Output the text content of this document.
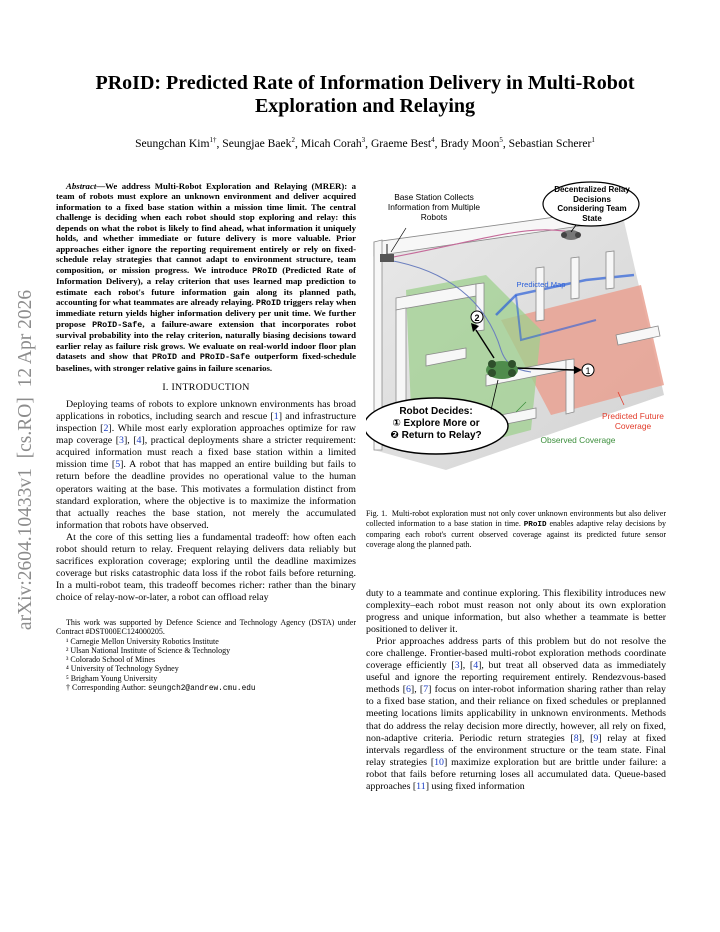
arXiv:2604.10433v1  [cs.RO]  12 Apr 2026
PRoID: Predicted Rate of Information Delivery in Multi-Robot Exploration and Relaying
Seungchan Kim$^{1\dagger}$, Seungjae Baek$^2$, Micah Corah$^3$, Graeme Best$^4$, Brady Moon$^5$, Sebastian Scherer$^1$
Abstract—We address Multi-Robot Exploration and Relaying (MRER): a team of robots must explore an unknown environment and deliver acquired information to a fixed base station within a mission time limit. The central challenge is deciding when each robot should stop exploring and relay: this depends on what the robot is likely to find ahead, what information it uniquely holds, and whether immediate or future delivery is more valuable. Prior approaches either ignore the reporting requirement entirely or rely on fixed-schedule relay strategies that cannot adapt to environment structure, team composition, or mission progress. We introduce PRoID (Predicted Rate of Information Delivery), a relay criterion that uses learned map prediction to estimate each robot's future information gain along its planned path, accounting for what teammates are already relaying. PRoID triggers relay when immediate return yields higher information delivery per unit time. We further propose PRoID-Safe, a failure-aware extension that incorporates robot survival probability into the relay criterion, naturally biasing decisions toward earlier relay as failure risk grows. We evaluate on real-world indoor floor plan datasets and show that PRoID and PRoID-Safe outperform fixed-schedule baselines, with stronger relative gains in failure scenarios.
I. INTRODUCTION

Deploying teams of robots to explore unknown environments has broad applications in robotics, including search and rescue [1] and infrastructure inspection [2]. While most early exploration approaches optimize for raw map coverage [3], [4], practical deployments share a stricter requirement: acquired information must reach a fixed base station within a limited mission time [5]. A robot that has mapped an entire building but fails to return before the deadline provides no operational value to the human operators waiting at the base. This motivates a formulation distinct from standard exploration, where the objective is to maximize the information that actually reaches the base station, not merely the accumulated information that robots have observed.

At the core of this setting lies a fundamental tradeoff: how often each robot should return to relay. Frequent relaying delivers data reliably but sacrifices exploration coverage; exploring until the deadline maximizes coverage but risks catastrophic data loss if the robot fails before returning. In a multi-robot team, this tradeoff becomes richer: rather than the binary choice of relay-now-or-later, a robot can offload relay

This work was supported by Defence Science and Technology Agency (DSTA) under Contract #DST000EC124000205.
¹ Carnegie Mellon University Robotics Institute
² Ulsan National Institute of Science & Technology
³ Colorado School of Mines
⁴ University of Technology Sydney
⁵ Brigham Young University
† Corresponding Author: seungch2@andrew.cmu.edu
2
1
Base Station Collects Information from Multiple Robots
Decentralized Relay Decisions Considering Team State
Predicted Map
Predicted Future Coverage
Observed Coverage
Robot Decides:
① Explore More or
❷ Return to Relay?
Fig. 1.  Multi-robot exploration must not only cover unknown environments but also deliver collected information to a base station in time. PRoID enables adaptive relay decisions by comparing each robot's current observed coverage against its predicted future sensor coverage along the planned path.

duty to a teammate and continue exploring. This flexibility introduces new complexity–each robot must reason not only about its own exploration progress and unique information, but also whether a teammate is better positioned to deliver it.

Prior approaches address parts of this problem but do not resolve the core challenge. Frontier-based multi-robot exploration methods coordinate coverage efficiently [3], [4], but treat all observed data as immediately useful and ignore the reporting requirement entirely. Rendezvous-based methods [6], [7] focus on inter-robot information sharing rather than relay to a fixed base station, and their reliance on fixed schedules or preplanned meeting locations limits applicability in unknown environments. Methods that do address the relay decision more directly, however, all rely on fixed, non-adaptive criteria. Periodic return strategies [8], [9] relay at fixed intervals regardless of the environment structure or the team state. Final relay strategies [10] maximize exploration but are brittle under failure: a robot that fails before returning loses all accumulated data. Queue-based approaches [11] using fixed information
